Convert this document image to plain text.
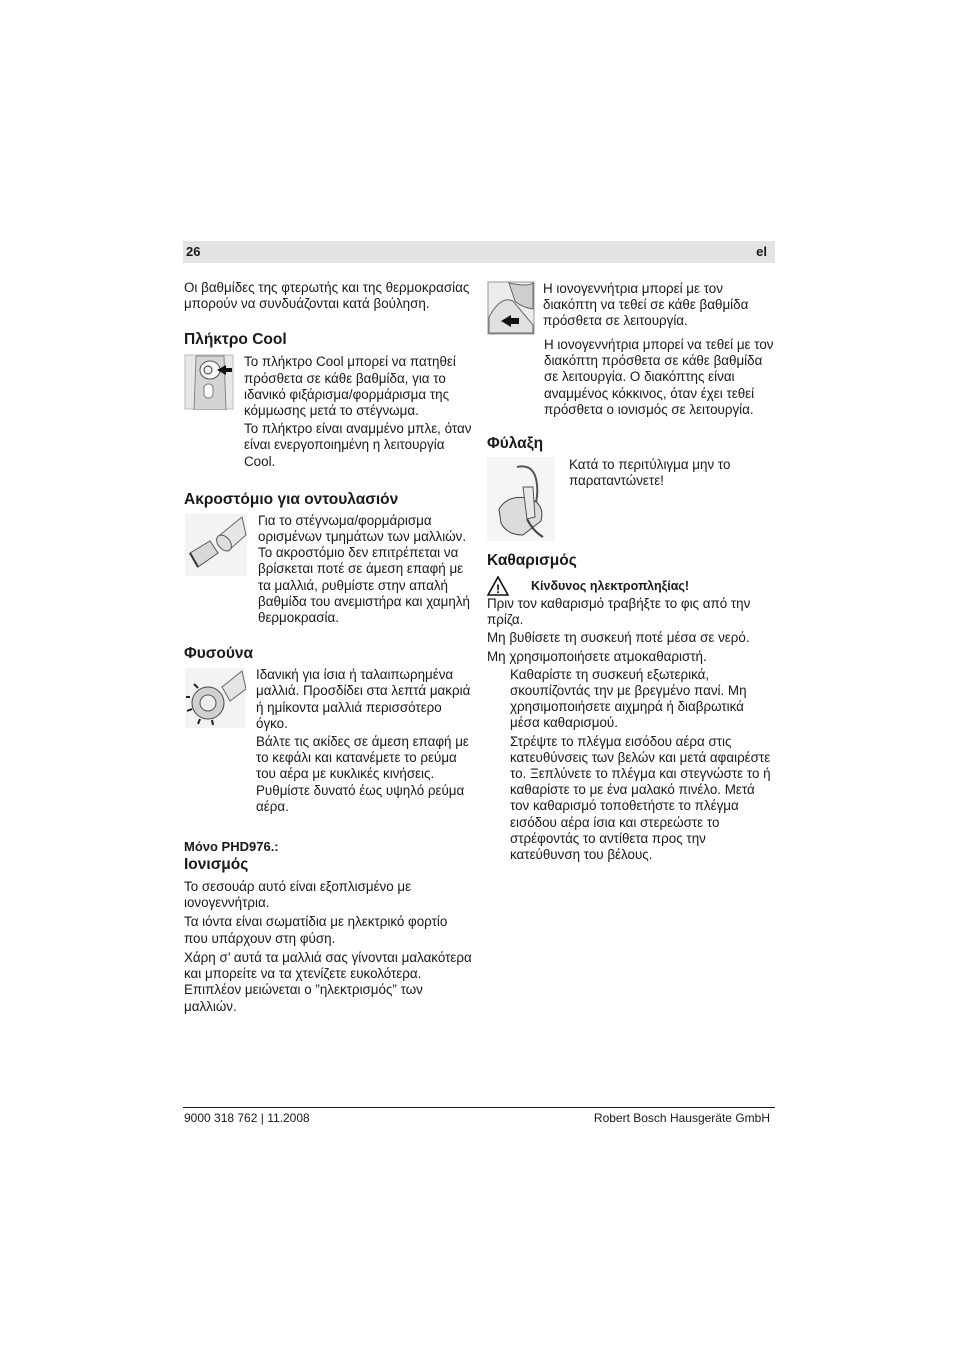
26	el

Οι βαθμίδες της φτερωτής και της θερμοκρασίας μπορούν να συνδυάζονται κατά βούληση.

Πλήκτρο Cool

Το πλήκτρο Cool μπορεί να πατηθεί πρόσθετα σε κάθε βαθμίδα, για το ιδανικό φιξάρισμα/φορμάρισμα της κόμμωσης μετά το στέγνωμα.

Το πλήκτρο είναι αναμμένο μπλε, όταν είναι ενεργοποιημένη η λειτουργία Cool.

Ακροστόμιο για οντουλασιόν

Για το στέγνωμα/φορμάρισμα ορισμένων τμημάτων των μαλλιών. Το ακροστόμιο δεν επιτρέπεται να βρίσκεται ποτέ σε άμεση επαφή με τα μαλλιά, ρυθμίστε στην απαλή βαθμίδα του ανεμιστήρα και χαμηλή θερμοκρασία.

Φυσούνα

Ιδανική για ίσια ή ταλαιπωρημένα μαλλιά. Προσδίδει στα λεπτά μακριά ή ημίκοντα μαλλιά περισσότερο όγκο.

Βάλτε τις ακίδες σε άμεση επαφή με το κεφάλι και κατανέμετε το ρεύμα του αέρα με κυκλικές κινήσεις. Ρυθμίστε δυνατό έως υψηλό ρεύμα αέρα.

Μόνο PHD976.:
Ιονισμός

Το σεσουάρ αυτό είναι εξοπλισμένο με ιονογεννήτρια.

Τα ιόντα είναι σωματίδια με ηλεκτρικό φορτίο που υπάρχουν στη φύση.

Χάρη σ’ αυτά τα μαλλιά σας γίνονται μαλακότερα και μπορείτε να τα χτενίζετε ευκολότερα. Επιπλέον μειώνεται ο ”ηλεκτρισμός” των μαλλιών.

Η ιονογεννήτρια μπορεί με τον διακόπτη να τεθεί σε κάθε βαθμίδα πρόσθετα σε λειτουργία.

Η ιονογεννήτρια μπορεί να τεθεί με τον διακόπτη πρόσθετα σε κάθε βαθμίδα σε λειτουργία. Ο διακόπτης είναι αναμμένος κόκκινος, όταν έχει τεθεί πρόσθετα ο ιονισμός σε λειτουργία.

Φύλαξη

Κατά το περιτύλιγμα μην το παραταντώνετε!

Καθαρισμός
! Κίνδυνος ηλεκτροπληξίας!

Πριν τον καθαρισμό τραβήξτε το φις από την πρίζα.

Μη βυθίσετε τη συσκευή ποτέ μέσα σε νερό.

Μη χρησιμοποιήσετε ατμοκαθαριστή.

Καθαρίστε τη συσκευή εξωτερικά, σκουπίζοντάς την με βρεγμένο πανί. Μη χρησιμοποιήσετε αιχμηρά ή διαβρωτικά μέσα καθαρισμού.

Στρέψτε το πλέγμα εισόδου αέρα στις κατευθύνσεις των βελών και μετά αφαιρέστε το. Ξεπλύνετε το πλέγμα και στεγνώστε το ή καθαρίστε το με ένα μαλακό πινέλο. Μετά τον καθαρισμό τοποθετήστε το πλέγμα εισόδου αέρα ίσια και στερεώστε το στρέφοντάς το αντίθετα προς την κατεύθυνση του βέλους.

9000 318 762 | 11.2008	Robert Bosch Hausgeräte GmbH
